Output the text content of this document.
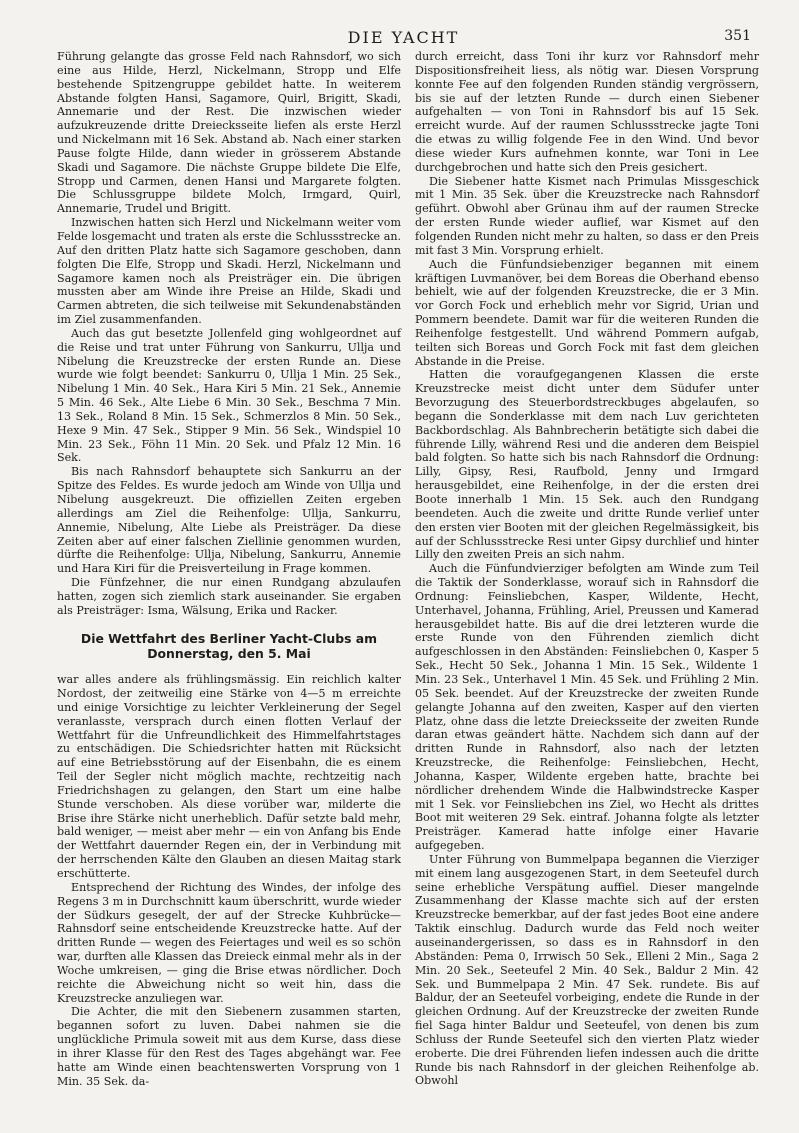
DIE YACHT	351

Führung gelangte das grosse Feld nach Rahnsdorf, wo sich eine aus Hilde, Herzl, Nickelmann, Stropp und Elfe bestehende Spitzengruppe gebildet hatte. In weiterem Abstande folgten Hansi, Sagamore, Quirl, Brigitt, Skadi, Annemarie und der Rest. Die inzwischen wieder aufzukreuzende dritte Dreiecksseite liefen als erste Herzl und Nickelmann mit 16 Sek. Abstand ab. Nach einer starken Pause folgte Hilde, dann wieder in grösserem Abstande Skadi und Sagamore. Die nächste Gruppe bildete Die Elfe, Stropp und Carmen, denen Hansi und Margarete folgten. Die Schlussgruppe bildete Molch, Irmgard, Quirl, Annemarie, Trudel und Brigitt.

Inzwischen hatten sich Herzl und Nickelmann weiter vom Felde losgemacht und traten als erste die Schlussstrecke an. Auf den dritten Platz hatte sich Sagamore geschoben, dann folgten Die Elfe, Stropp und Skadi. Herzl, Nickelmann und Sagamore kamen noch als Preisträger ein. Die übrigen mussten aber am Winde ihre Preise an Hilde, Skadi und Carmen abtreten, die sich teilweise mit Sekundenabständen im Ziel zusammenfanden.

Auch das gut besetzte Jollenfeld ging wohlgeordnet auf die Reise und trat unter Führung von Sankurru, Ullja und Nibelung die Kreuzstrecke der ersten Runde an. Diese wurde wie folgt beendet: Sankurru 0, Ullja 1 Min. 25 Sek., Nibelung 1 Min. 40 Sek., Hara Kiri 5 Min. 21 Sek., Annemie 5 Min. 46 Sek., Alte Liebe 6 Min. 30 Sek., Beschma 7 Min. 13 Sek., Roland 8 Min. 15 Sek., Schmerzlos 8 Min. 50 Sek., Hexe 9 Min. 47 Sek., Stipper 9 Min. 56 Sek., Windspiel 10 Min. 23 Sek., Föhn 11 Min. 20 Sek. und Pfalz 12 Min. 16 Sek.

Bis nach Rahnsdorf behauptete sich Sankurru an der Spitze des Feldes. Es wurde jedoch am Winde von Ullja und Nibelung ausgekreuzt. Die offiziellen Zeiten ergeben allerdings am Ziel die Reihenfolge: Ullja, Sankurru, Annemie, Nibelung, Alte Liebe als Preisträger. Da diese Zeiten aber auf einer falschen Ziellinie genommen wurden, dürfte die Reihenfolge: Ullja, Nibelung, Sankurru, Annemie und Hara Kiri für die Preisverteilung in Frage kommen.

Die Fünfzehner, die nur einen Rundgang abzulaufen hatten, zogen sich ziemlich stark auseinander. Sie ergaben als Preisträger: Isma, Wälsung, Erika und Racker.

Die Wettfahrt des Berliner Yacht-Clubs am Donnerstag, den 5. Mai

war alles andere als frühlingsmässig. Ein reichlich kalter Nordost, der zeitweilig eine Stärke von 4—5 m erreichte und einige Vorsichtige zu leichter Verkleinerung der Segel veranlasste, versprach durch einen flotten Verlauf der Wettfahrt für die Unfreundlichkeit des Himmelfahrtstages zu entschädigen. Die Schiedsrichter hatten mit Rücksicht auf eine Betriebsstörung auf der Eisenbahn, die es einem Teil der Segler nicht möglich machte, rechtzeitig nach Friedrichshagen zu gelangen, den Start um eine halbe Stunde verschoben. Als diese vorüber war, milderte die Brise ihre Stärke nicht unerheblich. Dafür setzte bald mehr, bald weniger, — meist aber mehr — ein von Anfang bis Ende der Wettfahrt dauernder Regen ein, der in Verbindung mit der herrschenden Kälte den Glauben an diesen Maitag stark erschütterte.

Entsprechend der Richtung des Windes, der infolge des Regens 3 m in Durchschnitt kaum überschritt, wurde wieder der Südkurs gesegelt, der auf der Strecke Kuhbrücke—Rahnsdorf seine entscheidende Kreuzstrecke hatte. Auf der dritten Runde — wegen des Feiertages und weil es so schön war, durften alle Klassen das Dreieck einmal mehr als in der Woche umkreisen, — ging die Brise etwas nördlicher. Doch reichte die Abweichung nicht so weit hin, dass die Kreuzstrecke anzuliegen war.

Die Achter, die mit den Siebenern zusammen starten, begannen sofort zu luven. Dabei nahmen sie die unglückliche Primula soweit mit aus dem Kurse, dass diese in ihrer Klasse für den Rest des Tages abgehängt war. Fee hatte am Winde einen beachtenswerten Vorsprung von 1 Min. 35 Sek. da-

durch erreicht, dass Toni ihr kurz vor Rahnsdorf mehr Dispositionsfreiheit liess, als nötig war. Diesen Vorsprung konnte Fee auf den folgenden Runden ständig vergrössern, bis sie auf der letzten Runde — durch einen Siebener aufgehalten — von Toni in Rahnsdorf bis auf 15 Sek. erreicht wurde. Auf der raumen Schlussstrecke jagte Toni die etwas zu willig folgende Fee in den Wind. Und bevor diese wieder Kurs aufnehmen konnte, war Toni in Lee durchgebrochen und hatte sich den Preis gesichert.

Die Siebener hatte Kismet nach Primulas Missgeschick mit 1 Min. 35 Sek. über die Kreuzstrecke nach Rahnsdorf geführt. Obwohl aber Grünau ihm auf der raumen Strecke der ersten Runde wieder auflief, war Kismet auf den folgenden Runden nicht mehr zu halten, so dass er den Preis mit fast 3 Min. Vorsprung erhielt.

Auch die Fünfundsiebenziger begannen mit einem kräftigen Luvmanöver, bei dem Boreas die Oberhand ebenso behielt, wie auf der folgenden Kreuzstrecke, die er 3 Min. vor Gorch Fock und erheblich mehr vor Sigrid, Urian und Pommern beendete. Damit war für die weiteren Runden die Reihenfolge festgestellt. Und während Pommern aufgab, teilten sich Boreas und Gorch Fock mit fast dem gleichen Abstande in die Preise.

Hatten die voraufgegangenen Klassen die erste Kreuzstrecke meist dicht unter dem Südufer unter Bevorzugung des Steuerbordstreckbuges abgelaufen, so begann die Sonderklasse mit dem nach Luv gerichteten Backbordschlag. Als Bahnbrecherin betätigte sich dabei die führende Lilly, während Resi und die anderen dem Beispiel bald folgten. So hatte sich bis nach Rahnsdorf die Ordnung: Lilly, Gipsy, Resi, Raufbold, Jenny und Irmgard herausgebildet, eine Reihenfolge, in der die ersten drei Boote innerhalb 1 Min. 15 Sek. auch den Rundgang beendeten. Auch die zweite und dritte Runde verlief unter den ersten vier Booten mit der gleichen Regelmässigkeit, bis auf der Schlussstrecke Resi unter Gipsy durchlief und hinter Lilly den zweiten Preis an sich nahm.

Auch die Fünfundvierziger befolgten am Winde zum Teil die Taktik der Sonderklasse, worauf sich in Rahnsdorf die Ordnung: Feinsliebchen, Kasper, Wildente, Hecht, Unterhavel, Johanna, Frühling, Ariel, Preussen und Kamerad herausgebildet hatte. Bis auf die drei letzteren wurde die erste Runde von den Führenden ziemlich dicht aufgeschlossen in den Abständen: Feinsliebchen 0, Kasper 5 Sek., Hecht 50 Sek., Johanna 1 Min. 15 Sek., Wildente 1 Min. 23 Sek., Unterhavel 1 Min. 45 Sek. und Frühling 2 Min. 05 Sek. beendet. Auf der Kreuzstrecke der zweiten Runde gelangte Johanna auf den zweiten, Kasper auf den vierten Platz, ohne dass die letzte Dreiecksseite der zweiten Runde daran etwas geändert hätte. Nachdem sich dann auf der dritten Runde in Rahnsdorf, also nach der letzten Kreuzstrecke, die Reihenfolge: Feinsliebchen, Hecht, Johanna, Kasper, Wildente ergeben hatte, brachte bei nördlicher drehendem Winde die Halbwindstrecke Kasper mit 1 Sek. vor Feinsliebchen ins Ziel, wo Hecht als drittes Boot mit weiteren 29 Sek. eintraf. Johanna folgte als letzter Preisträger. Kamerad hatte infolge einer Havarie aufgegeben.

Unter Führung von Bummelpapa begannen die Vierziger mit einem lang ausgezogenen Start, in dem Seeteufel durch seine erhebliche Verspätung auffiel. Dieser mangelnde Zusammenhang der Klasse machte sich auf der ersten Kreuzstrecke bemerkbar, auf der fast jedes Boot eine andere Taktik einschlug. Dadurch wurde das Feld noch weiter auseinandergerissen, so dass es in Rahnsdorf in den Abständen: Pema 0, Irrwisch 50 Sek., Elleni 2 Min., Saga 2 Min. 20 Sek., Seeteufel 2 Min. 40 Sek., Baldur 2 Min. 42 Sek. und Bummelpapa 2 Min. 47 Sek. rundete. Bis auf Baldur, der an Seeteufel vorbeiging, endete die Runde in der gleichen Ordnung. Auf der Kreuzstrecke der zweiten Runde fiel Saga hinter Baldur und Seeteufel, von denen bis zum Schluss der Runde Seeteufel sich den vierten Platz wieder eroberte. Die drei Führenden liefen indessen auch die dritte Runde bis nach Rahnsdorf in der gleichen Reihenfolge ab. Obwohl
